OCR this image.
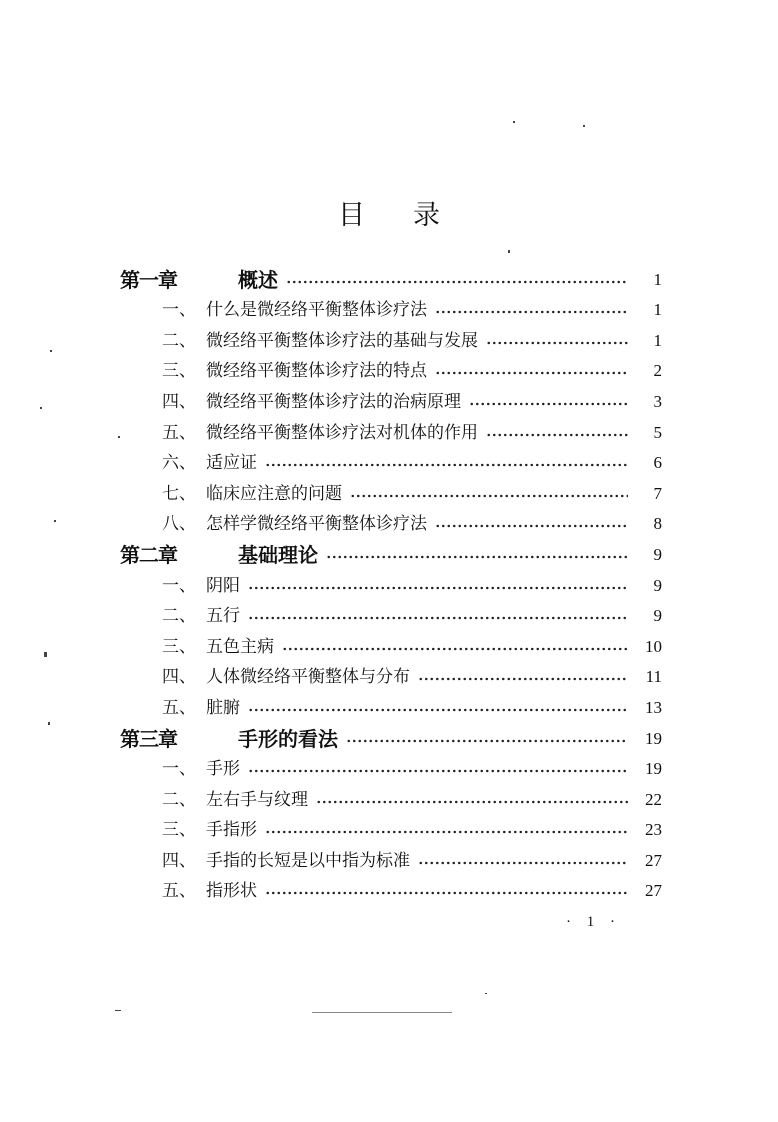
目 录
第一章	概述	1
一、 什么是微经络平衡整体诊疗法	1
二、 微经络平衡整体诊疗法的基础与发展	1
三、 微经络平衡整体诊疗法的特点	2
四、 微经络平衡整体诊疗法的治病原理	3
五、 微经络平衡整体诊疗法对机体的作用	5
六、 适应证	6
七、 临床应注意的问题	7
八、 怎样学微经络平衡整体诊疗法	8
第二章	基础理论	9
一、 阴阳	9
二、 五行	9
三、 五色主病	10
四、 人体微经络平衡整体与分布	11
五、 脏腑	13
第三章	手形的看法	19
一、 手形	19
二、 左右手与纹理	22
三、 手指形	23
四、 手指的长短是以中指为标准	27
五、 指形状	27
· 1 ·
